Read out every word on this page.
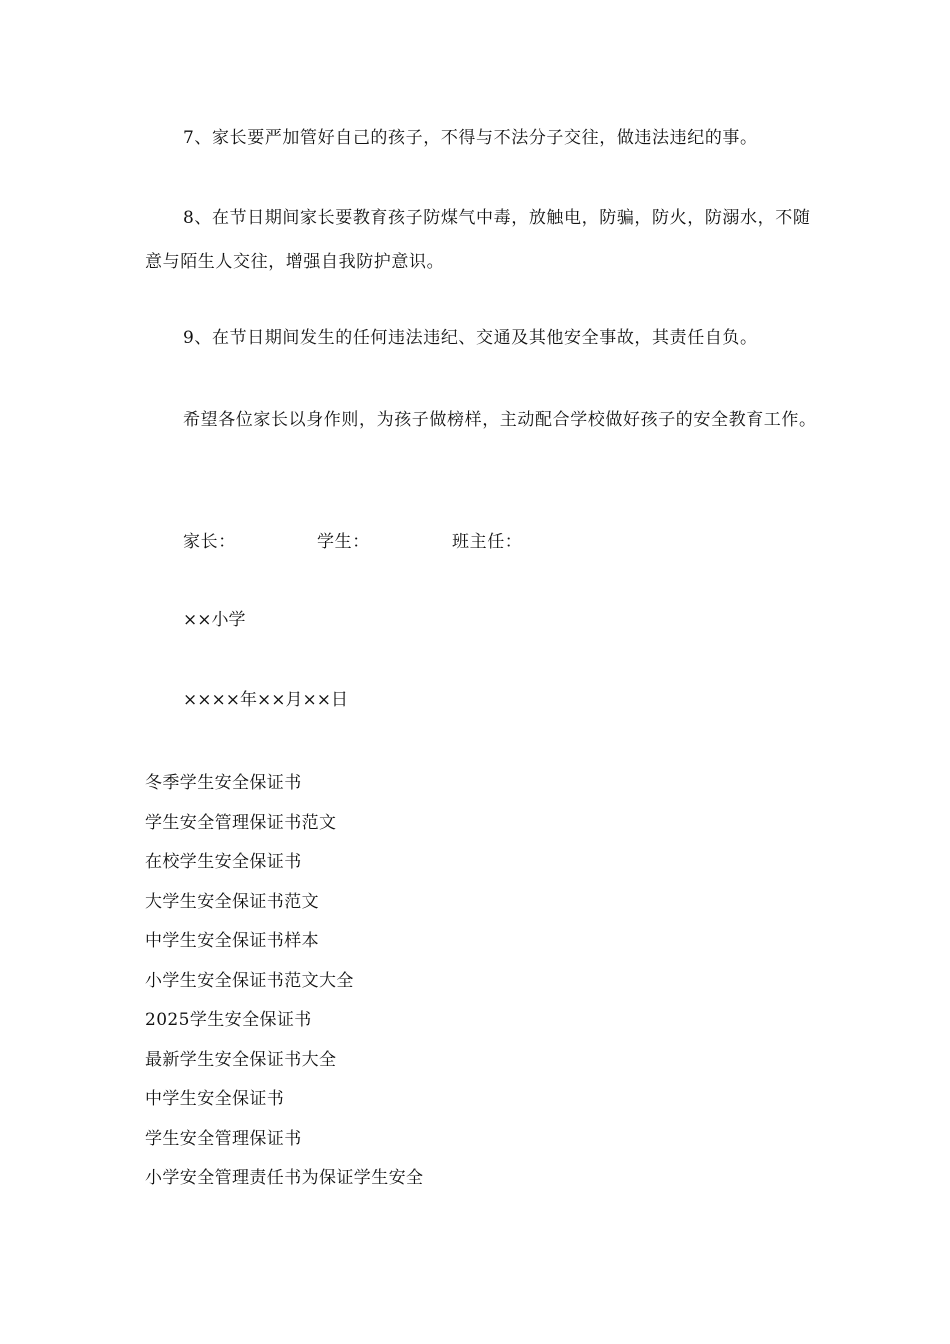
7、家长要严加管好自己的孩子，不得与不法分子交往，做违法违纪的事。
8、在节日期间家长要教育孩子防煤气中毒，放触电，防骗，防火，防溺水，不随意与陌生人交往，增强自我防护意识。
9、在节日期间发生的任何违法违纪、交通及其他安全事故，其责任自负。
希望各位家长以身作则，为孩子做榜样，主动配合学校做好孩子的安全教育工作。
家长：	学生：	班主任：
××小学
××××年××月××日
冬季学生安全保证书
学生安全管理保证书范文
在校学生安全保证书
大学生安全保证书范文
中学生安全保证书样本
小学生安全保证书范文大全
2025学生安全保证书
最新学生安全保证书大全
中学生安全保证书
学生安全管理保证书
小学安全管理责任书为保证学生安全
